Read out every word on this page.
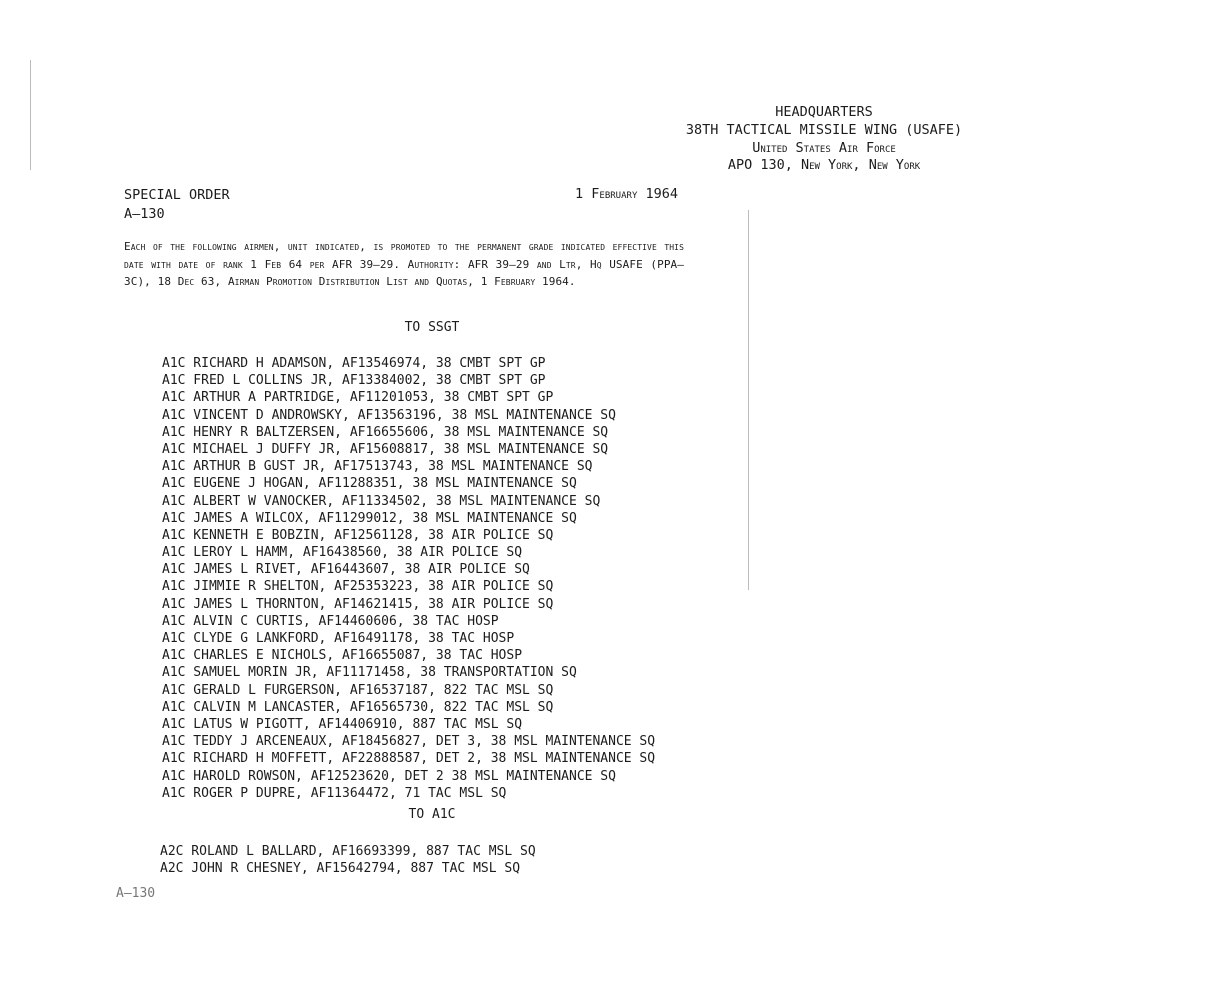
HEADQUARTERS
38TH TACTICAL MISSILE WING (USAFE)
United States Air Force
APO 130, New York, New York
SPECIAL ORDER
A—130
1 February 1964
Each of the following airmen, unit indicated, is promoted to the permanent grade indicated effective this date with date of rank 1 Feb 64 per AFR 39—29. Authority: AFR 39—29 and Ltr, Hq USAFE (PPA—3C), 18 Dec 63, Airman Promotion Distribution List and Quotas, 1 February 1964.
TO SSGT
A1C RICHARD H ADAMSON, AF13546974, 38 CMBT SPT GP
A1C FRED L COLLINS JR, AF13384002, 38 CMBT SPT GP
A1C ARTHUR A PARTRIDGE, AF11201053, 38 CMBT SPT GP
A1C VINCENT D ANDROWSKY, AF13563196, 38 MSL MAINTENANCE SQ
A1C HENRY R BALTZERSEN, AF16655606, 38 MSL MAINTENANCE SQ
A1C MICHAEL J DUFFY JR, AF15608817, 38 MSL MAINTENANCE SQ
A1C ARTHUR B GUST JR, AF17513743, 38 MSL MAINTENANCE SQ
A1C EUGENE J HOGAN, AF11288351, 38 MSL MAINTENANCE SQ
A1C ALBERT W VANOCKER, AF11334502, 38 MSL MAINTENANCE SQ
A1C JAMES A WILCOX, AF11299012, 38 MSL MAINTENANCE SQ
A1C KENNETH E BOBZIN, AF12561128, 38 AIR POLICE SQ
A1C LEROY L HAMM, AF16438560, 38 AIR POLICE SQ
A1C JAMES L RIVET, AF16443607, 38 AIR POLICE SQ
A1C JIMMIE R SHELTON, AF25353223, 38 AIR POLICE SQ
A1C JAMES L THORNTON, AF14621415, 38 AIR POLICE SQ
A1C ALVIN C CURTIS, AF14460606, 38 TAC HOSP
A1C CLYDE G LANKFORD, AF16491178, 38 TAC HOSP
A1C CHARLES E NICHOLS, AF16655087, 38 TAC HOSP
A1C SAMUEL MORIN JR, AF11171458, 38 TRANSPORTATION SQ
A1C GERALD L FURGERSON, AF16537187, 822 TAC MSL SQ
A1C CALVIN M LANCASTER, AF16565730, 822 TAC MSL SQ
A1C LATUS W PIGOTT, AF14406910, 887 TAC MSL SQ
A1C TEDDY J ARCENEAUX, AF18456827, DET 3, 38 MSL MAINTENANCE SQ
A1C RICHARD H MOFFETT, AF22888587, DET 2, 38 MSL MAINTENANCE SQ
A1C HAROLD ROWSON, AF12523620, DET 2 38 MSL MAINTENANCE SQ
A1C ROGER P DUPRE, AF11364472, 71 TAC MSL SQ
TO A1C
A2C ROLAND L BALLARD, AF16693399, 887 TAC MSL SQ
A2C JOHN R CHESNEY, AF15642794, 887 TAC MSL SQ
A—130
